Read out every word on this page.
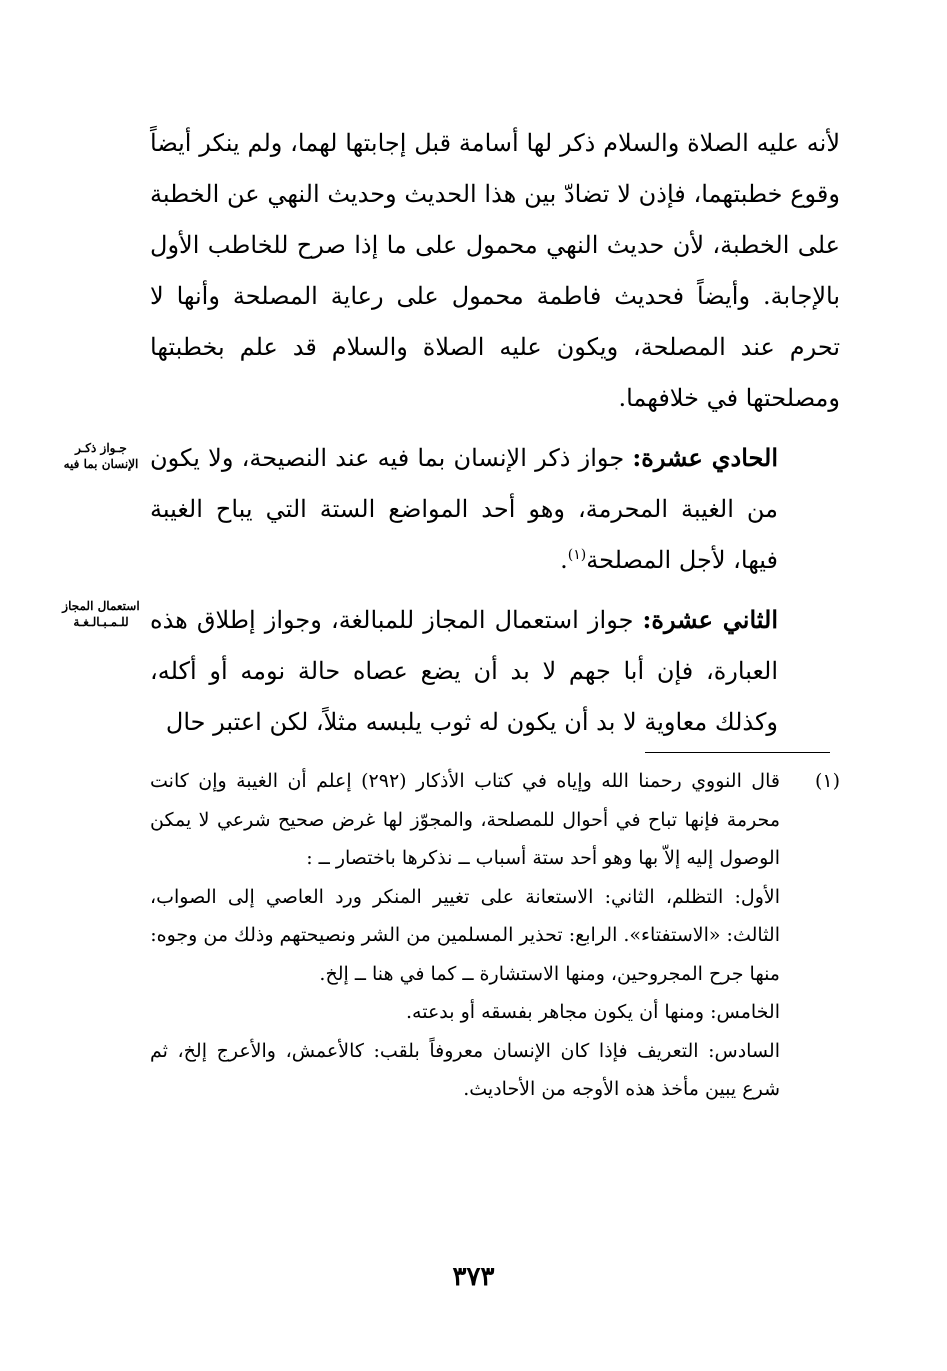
لأنه عليه الصلاة والسلام ذكر لها أسامة قبل إجابتها لهما، ولم ينكر أيضاً وقوع خطبتهما، فإذن لا تضادّ بين هذا الحديث وحديث النهي عن الخطبة على الخطبة، لأن حديث النهي محمول على ما إذا صرح للخاطب الأول بالإجابة. وأيضاً فحديث فاطمة محمول على رعاية المصلحة وأنها لا تحرم عند المصلحة، ويكون عليه الصلاة والسلام قد علم بخطبتها ومصلحتها في خلافهما.

الحادي عشرة: جواز ذكر الإنسان بما فيه عند النصيحة، ولا يكون من الغيبة المحرمة، وهو أحد المواضع الستة التي يباح الغيبة فيها، لأجل المصلحة$^{(١)}$.

الثاني عشرة: جواز استعمال المجاز للمبالغة، وجواز إطلاق هذه العبارة، فإن أبا جهم لا بد أن يضع عصاه حالة نومه أو أكله، وكذلك معاوية لا بد أن يكون له ثوب يلبسه مثلاً، لكن اعتبر حال

جـواز ذكـر
الإنسان بما فيه
استعمال المجاز
للـمـبـالـغـة
(١)
قال النووي رحمنا الله وإياه في كتاب الأذكار (٢٩٢) إعلم أن الغيبة وإن كانت محرمة فإنها تباح في أحوال للمصلحة، والمجوّز لها غرض صحيح شرعي لا يمكن الوصول إليه إلاّ بها وهو أحد ستة أسباب ــ نذكرها باختصار ــ :

الأول: التظلم، الثاني: الاستعانة على تغيير المنكر ورد العاصي إلى الصواب، الثالث: «الاستفتاء». الرابع: تحذير المسلمين من الشر ونصيحتهم وذلك من وجوه:

منها جرح المجروحين، ومنها الاستشارة ــ كما في هنا ــ إلخ.

الخامس: ومنها أن يكون مجاهر بفسقه أو بدعته.

السادس: التعريف فإذا كان الإنسان معروفاً بلقب: كالأعمش، والأعرج إلخ، ثم شرع يبين مأخذ هذه الأوجه من الأحاديث.

٣٧٣
